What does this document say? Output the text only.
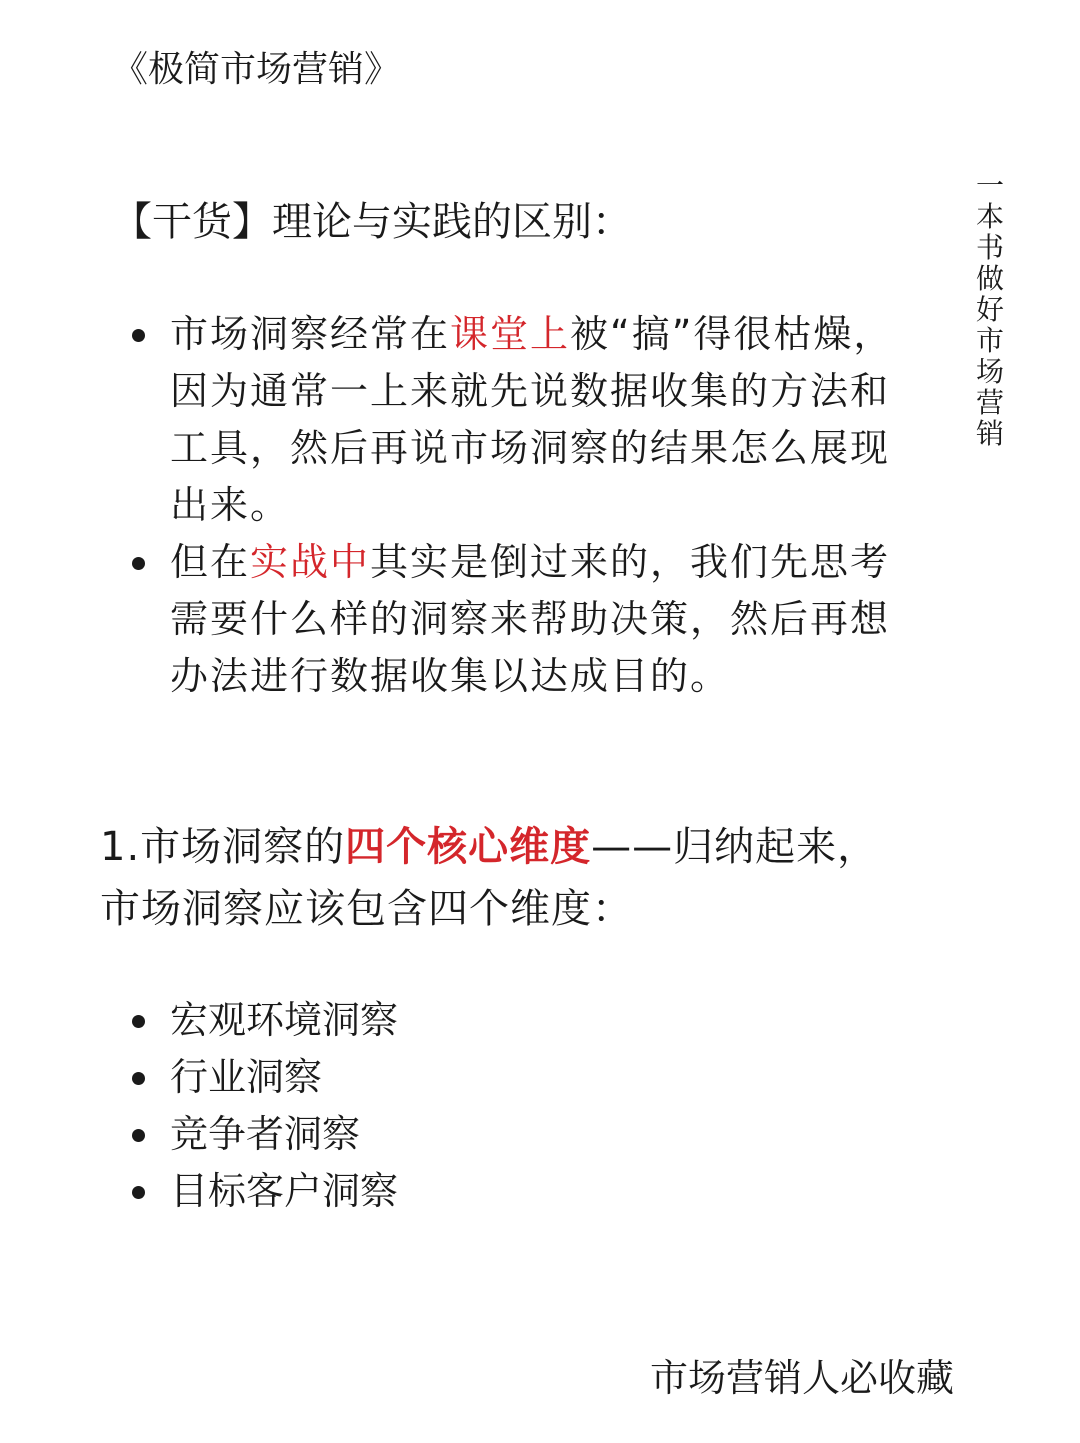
《极简市场营销》
一本书做好市场营销
【干货】理论与实践的区别：
市场洞察经常在课堂上被“搞”得很枯燥，因为通常一上来就先说数据收集的方法和工具，然后再说市场洞察的结果怎么展现出来。
但在实战中其实是倒过来的，我们先思考需要什么样的洞察来帮助决策，然后再想办法进行数据收集以达成目的。
1.市场洞察的四个核心维度——归纳起来，市场洞察应该包含四个维度：
宏观环境洞察
行业洞察
竞争者洞察
目标客户洞察
市场营销人必收藏
